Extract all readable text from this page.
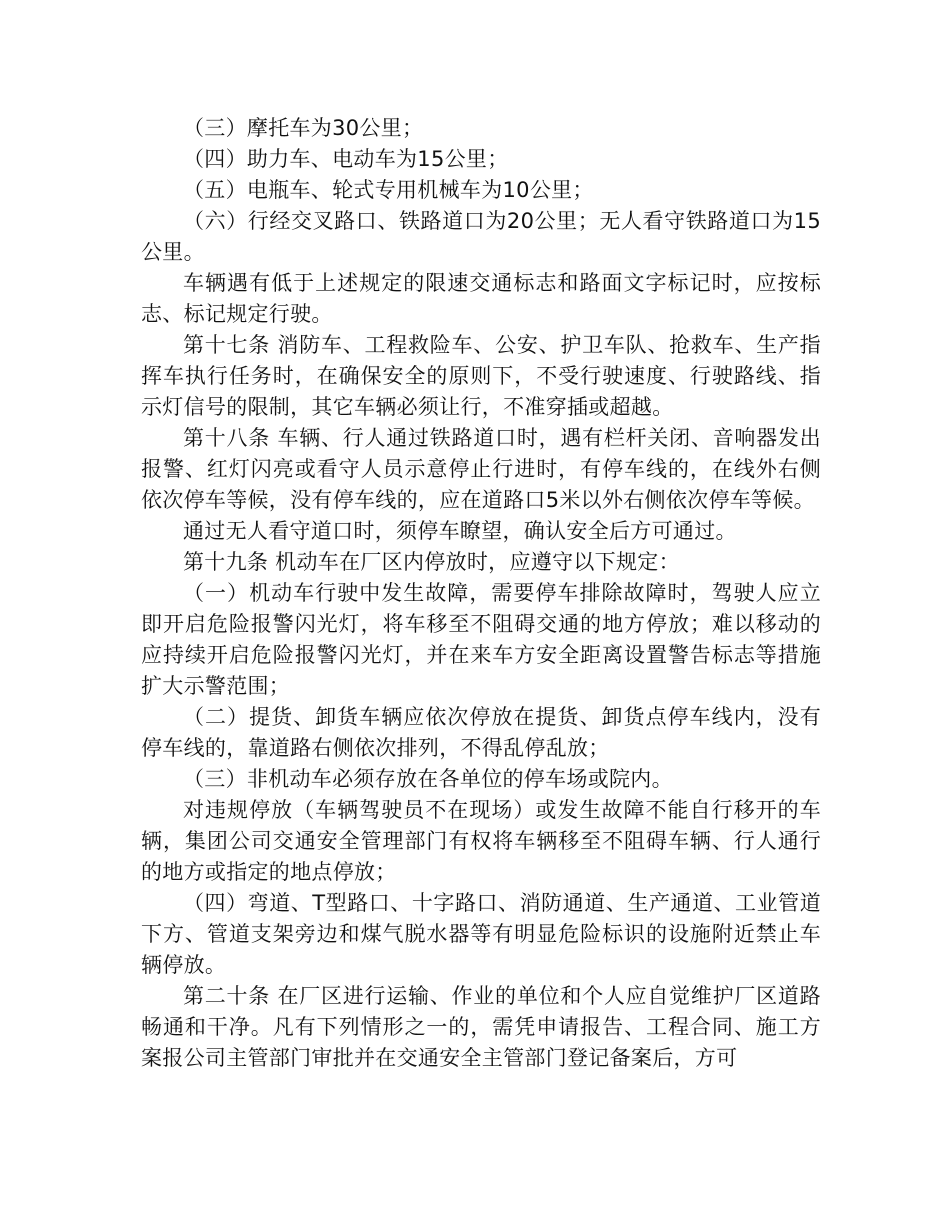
（三）摩托车为30公里；

（四）助力车、电动车为15公里；

（五）电瓶车、轮式专用机械车为10公里；

（六）行经交叉路口、铁路道口为20公里；无人看守铁路道口为15公里。

车辆遇有低于上述规定的限速交通标志和路面文字标记时，应按标志、标记规定行驶。

第十七条 消防车、工程救险车、公安、护卫车队、抢救车、生产指挥车执行任务时，在确保安全的原则下，不受行驶速度、行驶路线、指示灯信号的限制，其它车辆必须让行，不准穿插或超越。

第十八条 车辆、行人通过铁路道口时，遇有栏杆关闭、音响器发出报警、红灯闪亮或看守人员示意停止行进时，有停车线的，在线外右侧依次停车等候，没有停车线的，应在道路口5米以外右侧依次停车等候。

通过无人看守道口时，须停车瞭望，确认安全后方可通过。

第十九条 机动车在厂区内停放时，应遵守以下规定：

（一）机动车行驶中发生故障，需要停车排除故障时，驾驶人应立即开启危险报警闪光灯，将车移至不阻碍交通的地方停放；难以移动的应持续开启危险报警闪光灯，并在来车方安全距离设置警告标志等措施扩大示警范围；

（二）提货、卸货车辆应依次停放在提货、卸货点停车线内，没有停车线的，靠道路右侧依次排列，不得乱停乱放；

（三）非机动车必须存放在各单位的停车场或院内。

对违规停放（车辆驾驶员不在现场）或发生故障不能自行移开的车辆，集团公司交通安全管理部门有权将车辆移至不阻碍车辆、行人通行的地方或指定的地点停放；

（四）弯道、T型路口、十字路口、消防通道、生产通道、工业管道下方、管道支架旁边和煤气脱水器等有明显危险标识的设施附近禁止车辆停放。

第二十条 在厂区进行运输、作业的单位和个人应自觉维护厂区道路畅通和干净。凡有下列情形之一的，需凭申请报告、工程合同、施工方案报公司主管部门审批并在交通安全主管部门登记备案后，方可
